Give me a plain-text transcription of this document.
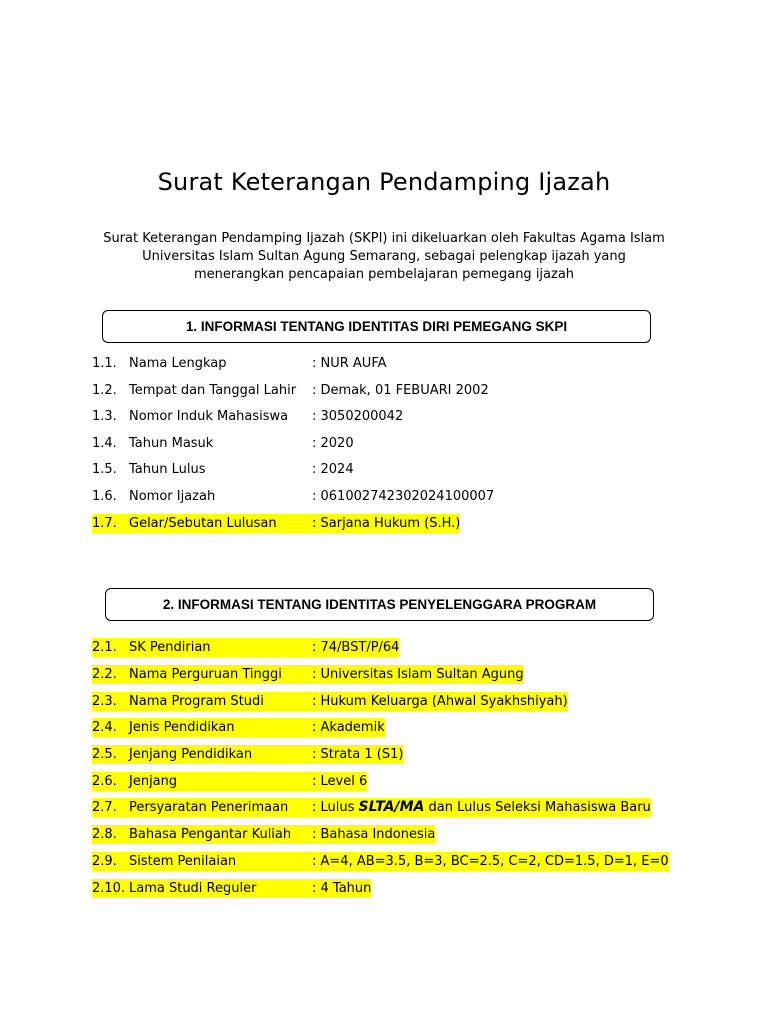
Surat Keterangan Pendamping Ijazah
Surat Keterangan Pendamping Ijazah (SKPI) ini dikeluarkan oleh Fakultas Agama Islam Universitas Islam Sultan Agung Semarang, sebagai pelengkap ijazah yang menerangkan pencapaian pembelajaran pemegang ijazah
1. INFORMASI TENTANG IDENTITAS DIRI PEMEGANG SKPI
1.1. Nama Lengkap	: NUR AUFA
1.2. Tempat dan Tanggal Lahir	: Demak, 01 FEBUARI 2002
1.3. Nomor Induk Mahasiswa	: 3050200042
1.4. Tahun Masuk	: 2020
1.5. Tahun Lulus	: 2024
1.6. Nomor Ijazah	: 061002742302024100007
1.7. Gelar/Sebutan Lulusan	: Sarjana Hukum (S.H.)
2. INFORMASI TENTANG IDENTITAS PENYELENGGARA PROGRAM
2.1. SK Pendirian	: 74/BST/P/64
2.2. Nama Perguruan Tinggi	: Universitas Islam Sultan Agung
2.3. Nama Program Studi	: Hukum Keluarga (Ahwal Syakhshiyah)
2.4. Jenis Pendidikan	: Akademik
2.5. Jenjang Pendidikan	: Strata 1 (S1)
2.6. Jenjang	: Level 6
2.7. Persyaratan Penerimaan	: Lulus SLTA/MA dan Lulus Seleksi Mahasiswa Baru
2.8. Bahasa Pengantar Kuliah	: Bahasa Indonesia
2.9. Sistem Penilaian	: A=4, AB=3.5, B=3, BC=2.5, C=2, CD=1.5, D=1, E=0
2.10. Lama Studi Reguler	: 4 Tahun
